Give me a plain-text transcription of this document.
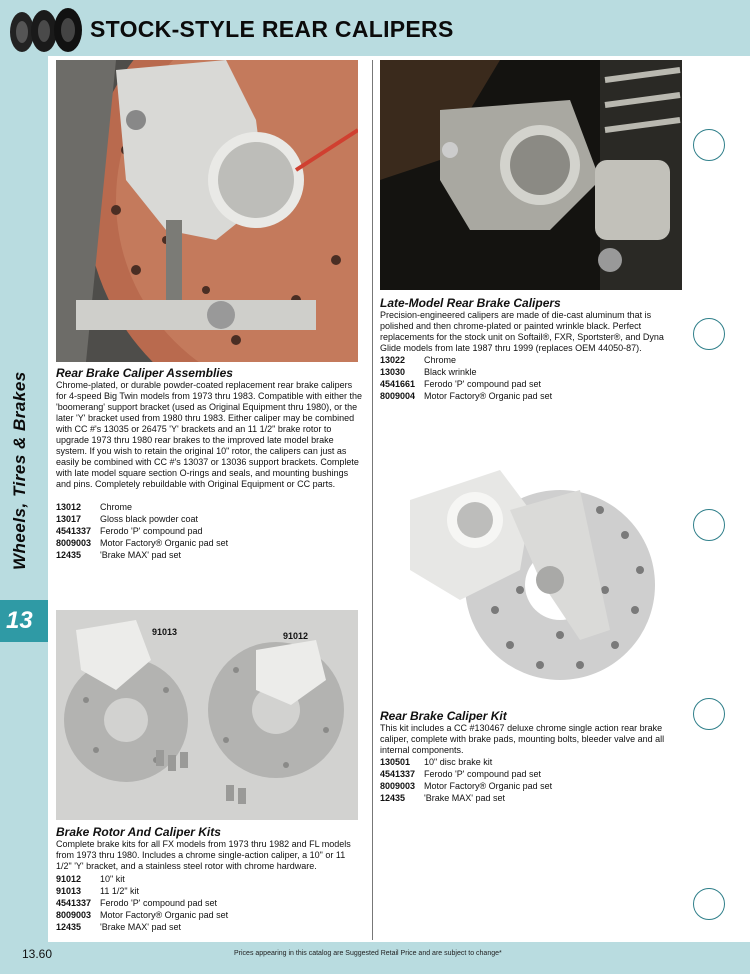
STOCK-STYLE REAR CALIPERS
Wheels, Tires & Brakes
13	91013	91012
Rear Brake Caliper Assemblies
Chrome-plated, or durable powder-coated replacement rear brake calipers for 4-speed Big Twin models from 1973 thru 1983. Compatible with either the 'boomerang' support bracket (used as Original Equipment thru 1980), or the later 'Y' bracket used from 1980 thru 1983. Either caliper may be combined with CC #'s 13035 or 26475 'Y' brackets and an 11 1/2" brake rotor to upgrade 1973 thru 1980 rear brakes to the improved late model brake system. If you wish to retain the original 10" rotor, the calipers can just as easily be combined with CC #'s 13037 or 13036 support brackets. Complete with late model square section O-rings and seals, and mounting bushings and pins. Completely rebuildable with Original Equipment or CC parts.
13012 Chrome
13017 Gloss black powder coat
4541337 Ferodo 'P' compound pad
8009003 Motor Factory® Organic pad set
12435 'Brake MAX' pad set
Late-Model Rear Brake Calipers
Precision-engineered calipers are made of die-cast aluminum that is polished and then chrome-plated or painted wrinkle black. Perfect replacements for the stock unit on Softail®, FXR, Sportster®, and Dyna Glide models from late 1987 thru 1999 (replaces OEM 44050-87).
13022 Chrome
13030 Black wrinkle
4541661 Ferodo 'P' compound pad set
8009004 Motor Factory® Organic pad set
Rear Brake Caliper Kit
This kit includes a CC #130467 deluxe chrome single action rear brake caliper, complete with brake pads, mounting bolts, bleeder valve and all internal components.
130501 10" disc brake kit
4541337 Ferodo 'P' compound pad set
8009003 Motor Factory® Organic pad set
12435 'Brake MAX' pad set
Brake Rotor And Caliper Kits
Complete brake kits for all FX models from 1973 thru 1982 and FL models from 1973 thru 1980. Includes a chrome single-action caliper, a 10" or 11 1/2" 'Y' bracket, and a stainless steel rotor with chrome hardware.
91012 10" kit
91013 11 1/2" kit
4541337 Ferodo 'P' compound pad set
8009003 Motor Factory® Organic pad set
12435 'Brake MAX' pad set
13.60	Prices appearing in this catalog are Suggested Retail Price and are subject to change*
